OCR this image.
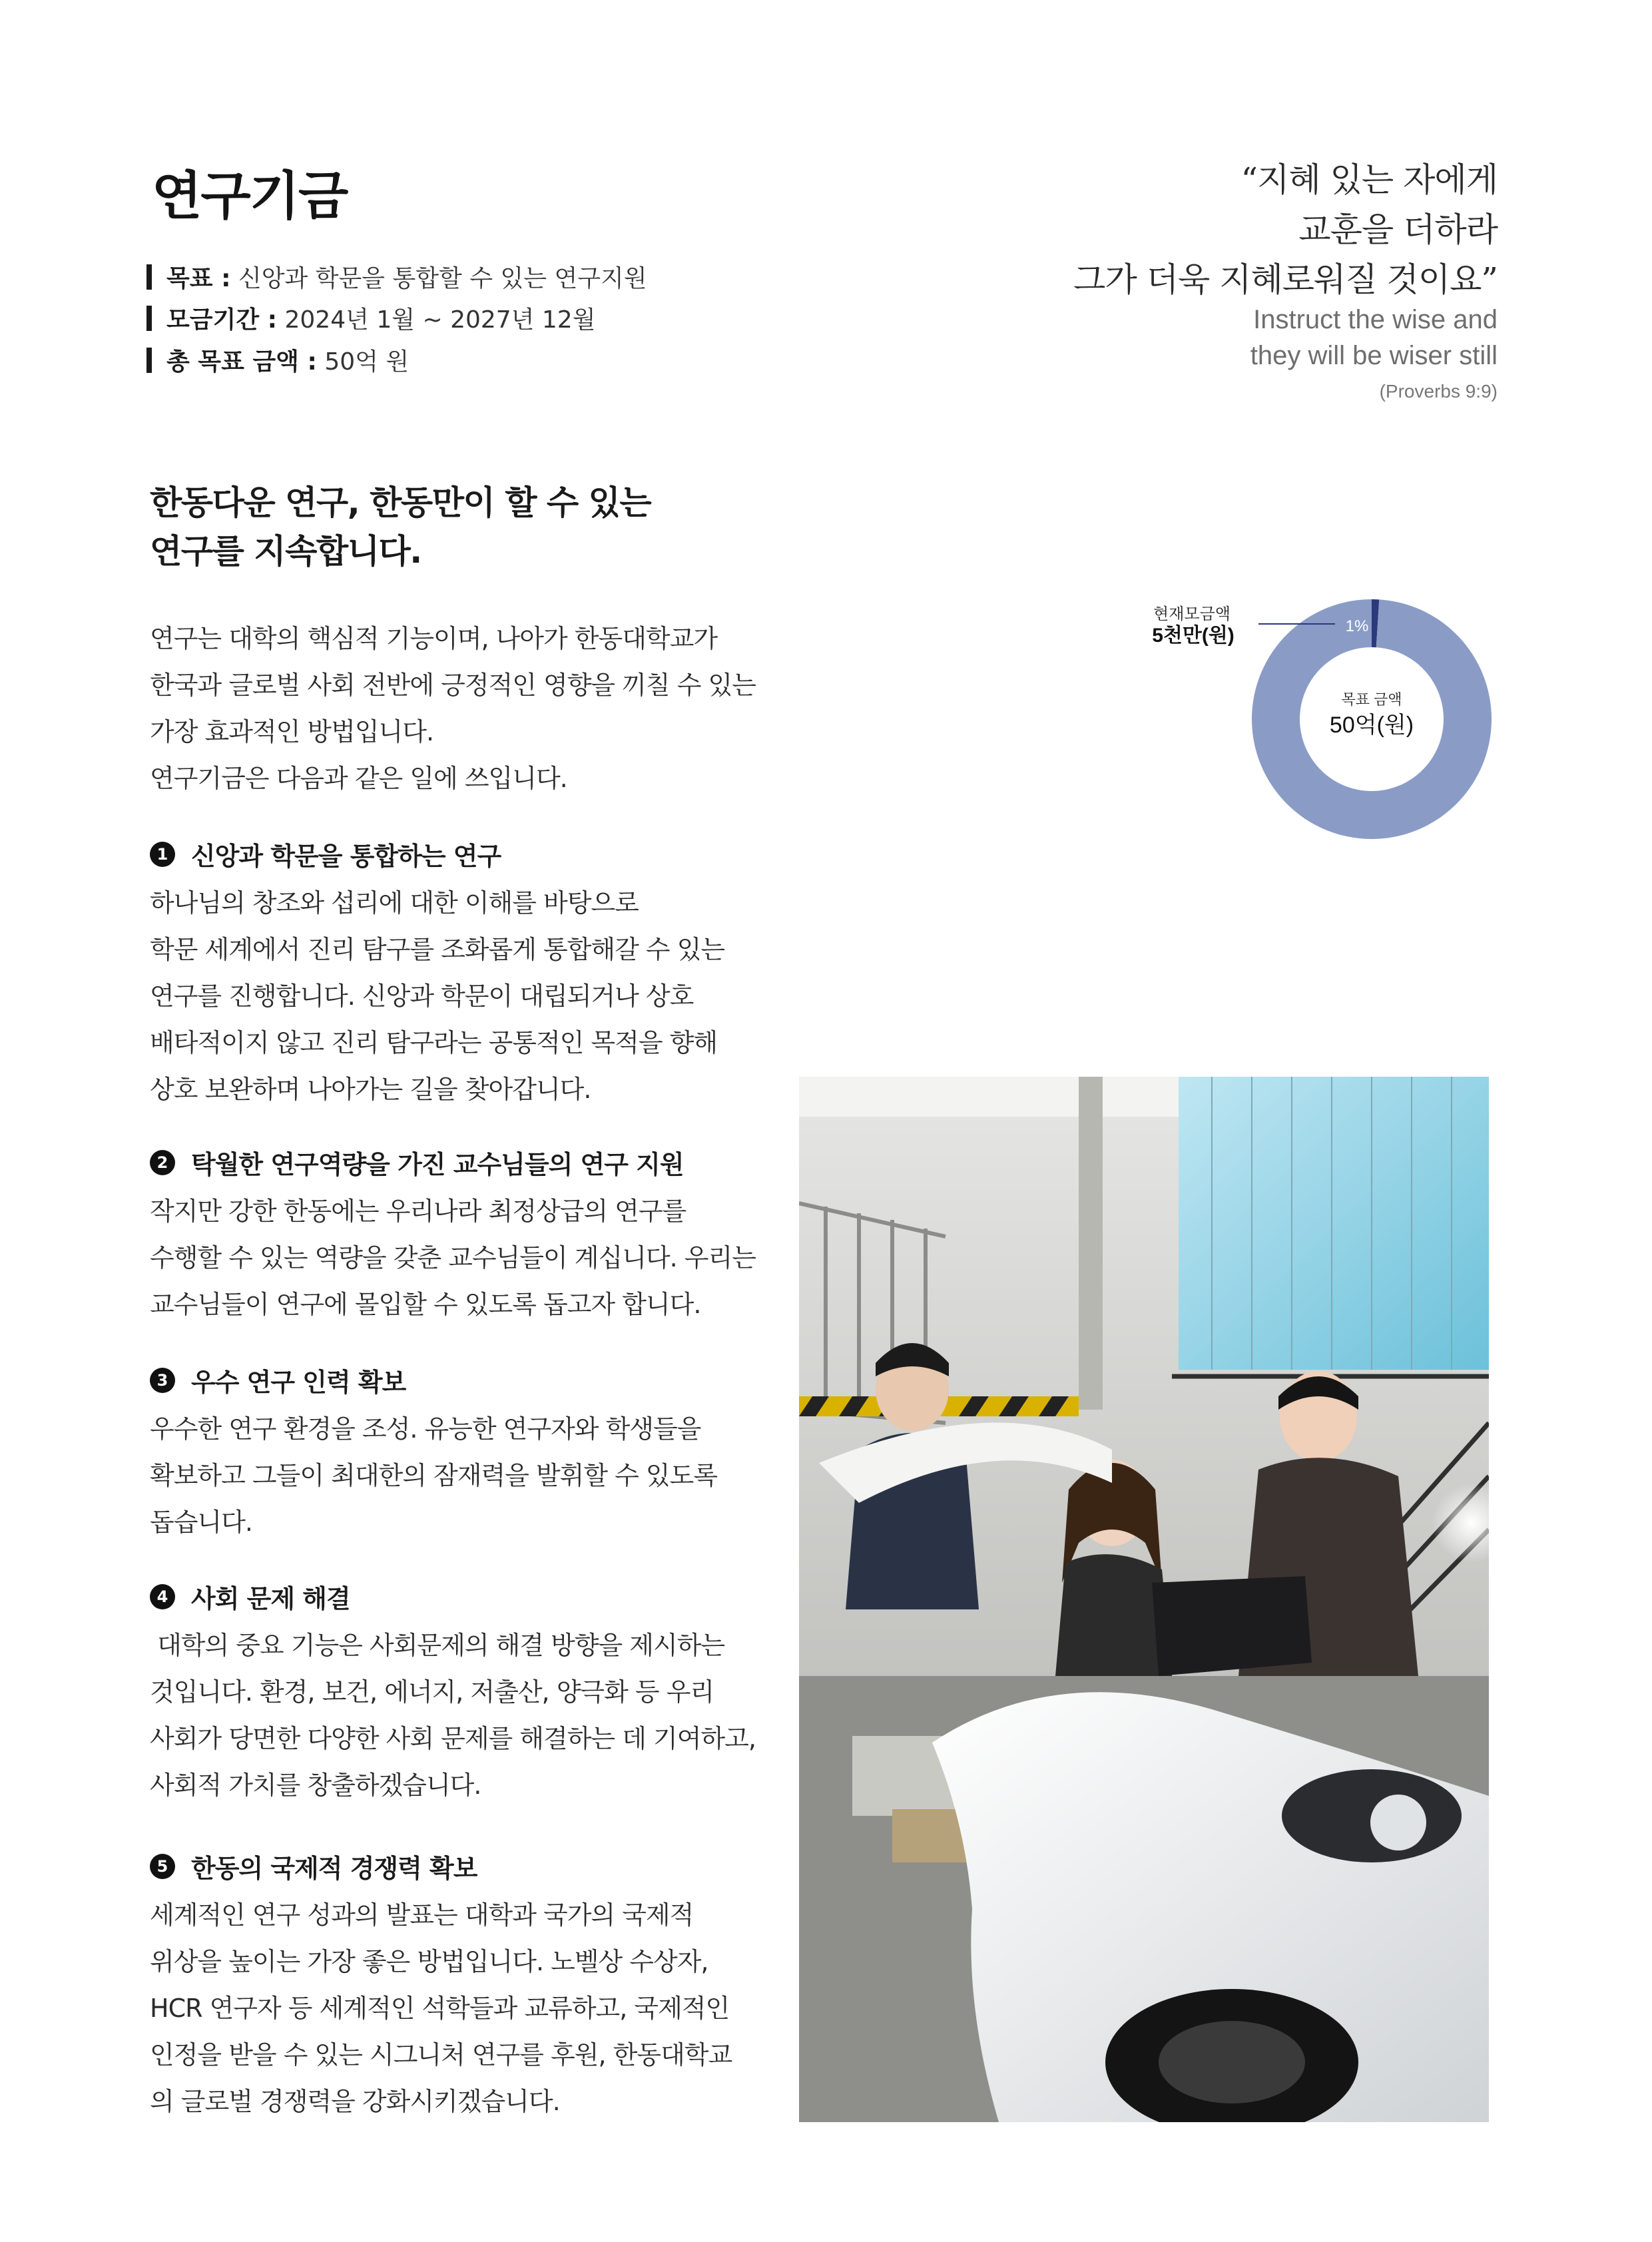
연구기금
목표 :
신앙과 학문을 통합할 수 있는 연구지원
모금기간 :
2024년 1월 ~ 2027년 12월
총 목표 금액 :
50억 원
“지혜 있는 자에게
교훈을 더하라
그가 더욱 지혜로워질 것이요”
Instruct the wise and
they will be wiser still
(Proverbs 9:9)
한동다운 연구, 한동만이 할 수 있는
연구를 지속합니다.
연구는 대학의 핵심적 기능이며, 나아가 한동대학교가
한국과 글로벌 사회 전반에 긍정적인 영향을 끼칠 수 있는
가장 효과적인 방법입니다.
연구기금은 다음과 같은 일에 쓰입니다.
1 신앙과 학문을 통합하는 연구
하나님의 창조와 섭리에 대한 이해를 바탕으로
학문 세계에서 진리 탐구를 조화롭게 통합해갈 수 있는
연구를 진행합니다. 신앙과 학문이 대립되거나 상호
배타적이지 않고 진리 탐구라는 공통적인 목적을 향해
상호 보완하며 나아가는 길을 찾아갑니다.
2 탁월한 연구역량을 가진 교수님들의 연구 지원
작지만 강한 한동에는 우리나라 최정상급의 연구를
수행할 수 있는 역량을 갖춘 교수님들이 계십니다. 우리는
교수님들이 연구에 몰입할 수 있도록 돕고자 합니다.
3 우수 연구 인력 확보
우수한 연구 환경을 조성. 유능한 연구자와 학생들을
확보하고 그들이 최대한의 잠재력을 발휘할 수 있도록
돕습니다.
4 사회 문제 해결
대학의 중요 기능은 사회문제의 해결 방향을 제시하는
것입니다. 환경, 보건, 에너지, 저출산, 양극화 등 우리
사회가 당면한 다양한 사회 문제를 해결하는 데 기여하고,
사회적 가치를 창출하겠습니다.
5 한동의 국제적 경쟁력 확보
세계적인 연구 성과의 발표는 대학과 국가의 국제적
위상을 높이는 가장 좋은 방법입니다. 노벨상 수상자,
HCR 연구자 등 세계적인 석학들과 교류하고, 국제적인
인정을 받을 수 있는 시그니처 연구를 후원, 한동대학교
의 글로벌 경쟁력을 강화시키겠습니다.
현재모금액
5천만(원)	1%
목표 금액
50억(원)
